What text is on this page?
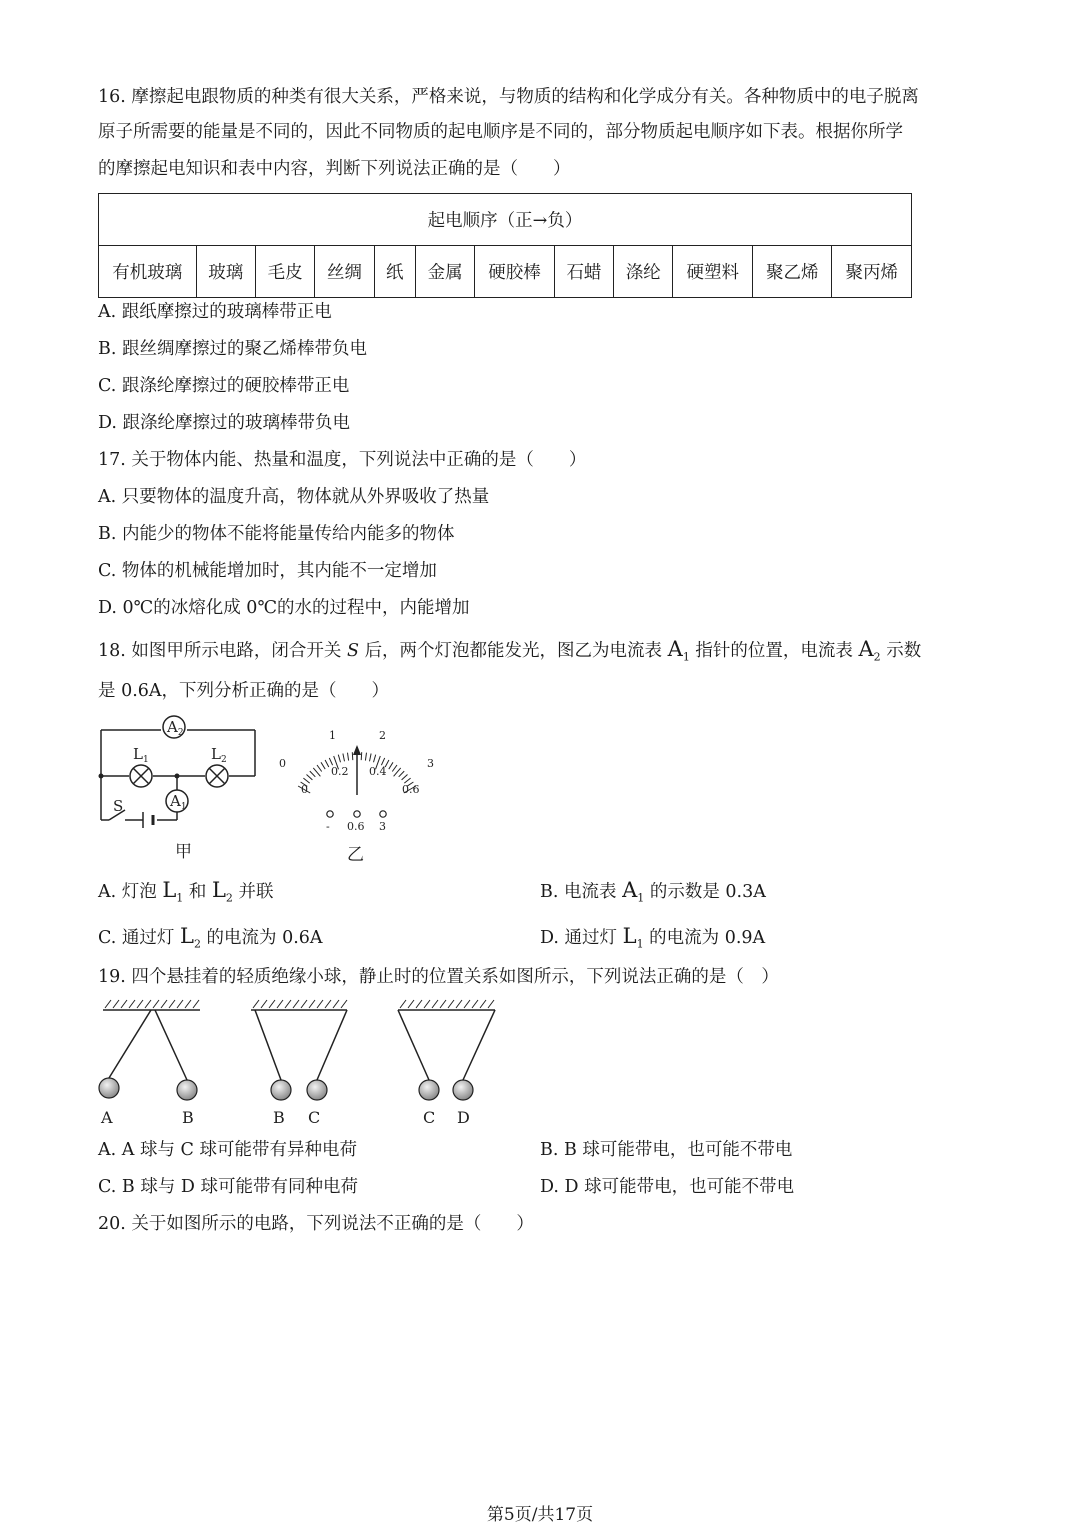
16. 摩擦起电跟物质的种类有很大关系，严格来说，与物质的结构和化学成分有关。各种物质中的电子脱离
原子所需要的能量是不同的，因此不同物质的起电顺序是不同的，部分物质起电顺序如下表。根据你所学
的摩擦起电知识和表中内容，判断下列说法正确的是（　　）
起电顺序（正→负）
有机玻璃	玻璃	毛皮	丝绸	纸	金属	硬胶棒	石蜡	涤纶	硬塑料	聚乙烯	聚丙烯
A. 跟纸摩擦过的玻璃棒带正电
B. 跟丝绸摩擦过的聚乙烯棒带负电
C. 跟涤纶摩擦过的硬胶棒带正电
D. 跟涤纶摩擦过的玻璃棒带负电
17. 关于物体内能、热量和温度，下列说法中正确的是（　　）
A. 只要物体的温度升高，物体就从外界吸收了热量
B. 内能少的物体不能将能量传给内能多的物体
C. 物体的机械能增加时，其内能不一定增加
D. 0℃的冰熔化成 0℃的水的过程中，内能增加
18. 如图甲所示电路，闭合开关 S 后，两个灯泡都能发光，图乙为电流表 $A_1$ 指针的位置，电流表 $A_2$ 示数
是 0.6A，下列分析正确的是（　　）
$A_2$
$A_1$
$L_1$	$L_2$
S
甲
0
1	2
3
0
0.2 0.4
0.6
- 0.6 3
乙
A. 灯泡 $L_1$ 和 $L_2$ 并联	B. 电流表 $A_1$ 的示数是 0.3A
C. 通过灯 $L_2$ 的电流为 0.6A	D. 通过灯 $L_1$ 的电流为 0.9A
19. 四个悬挂着的轻质绝缘小球，静止时的位置关系如图所示，下列说法正确的是（　）
A	B	B C	C D
A. A 球与 C 球可能带有异种电荷	B. B 球可能带电，也可能不带电
C. B 球与 D 球可能带有同种电荷	D. D 球可能带电，也可能不带电
20. 关于如图所示的电路，下列说法不正确的是（　　）
第5页/共17页
